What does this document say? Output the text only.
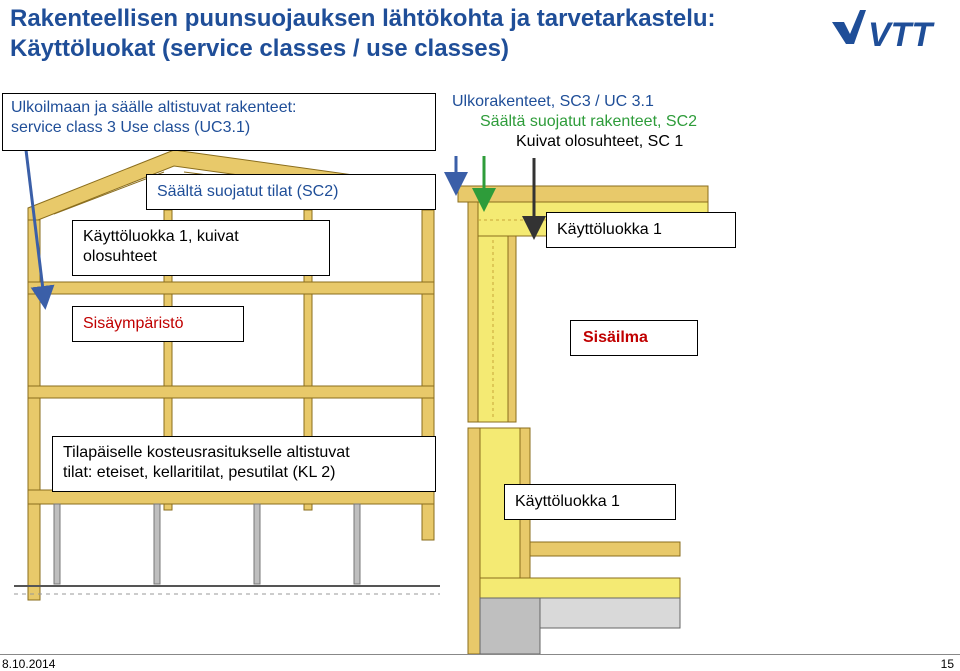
Rakenteellisen puunsuojauksen lähtökohta ja tarvetarkastelu:
Käyttöluokat (service classes / use classes)	VTT
Ulkoilmaan ja säälle altistuvat rakenteet:
service class 3 Use class (UC3.1)
Ulkorakenteet, SC3 / UC 3.1
Säältä suojatut rakenteet, SC2
Kuivat olosuhteet, SC 1
Säältä suojatut tilat (SC2)
Käyttöluokka 1, kuivat
olosuhteet
Käyttöluokka 1
Sisäympäristö
Sisäilma
Tilapäiselle kosteusrasitukselle altistuvat
tilat: eteiset, kellaritilat, pesutilat (KL 2)
Käyttöluokka 1
8.10.2014	15
